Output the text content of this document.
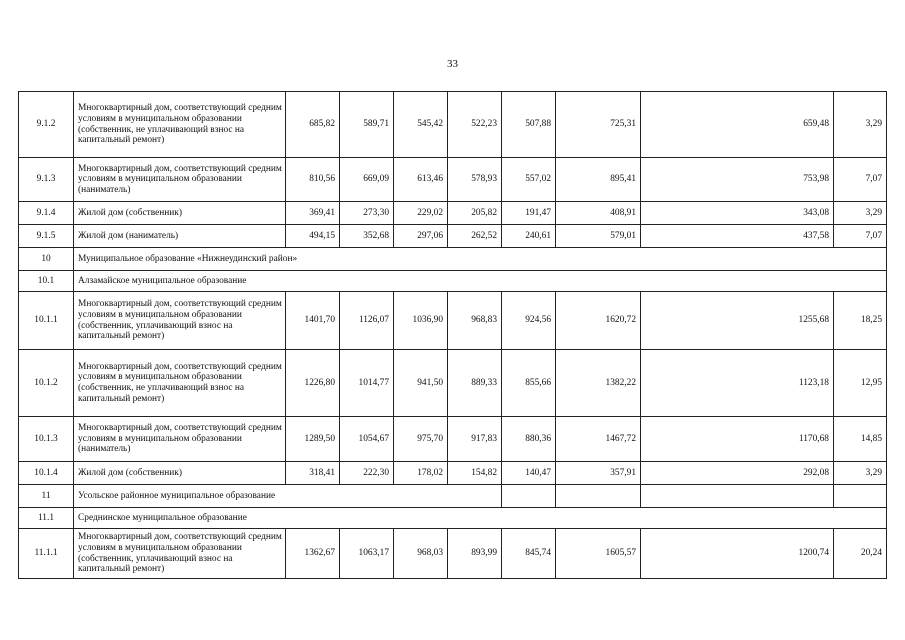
33
9.1.2	Многоквартирный дом, соответствующий средним условиям в муниципальном образовании (собственник, не уплачивающий взнос на капитальный ремонт)	685,82	589,71	545,42	522,23	507,88	725,31	659,48	3,29
9.1.3	Многоквартирный дом, соответствующий средним условиям в муниципальном образовании (наниматель)	810,56	669,09	613,46	578,93	557,02	895,41	753,98	7,07
9.1.4	Жилой дом (собственник)	369,41	273,30	229,02	205,82	191,47	408,91	343,08	3,29
9.1.5	Жилой дом (наниматель)	494,15	352,68	297,06	262,52	240,61	579,01	437,58	7,07
10	Муниципальное образование «Нижнеудинский район»								
10.1	Алзамайское муниципальное образование								
10.1.1	Многоквартирный дом, соответствующий средним условиям в муниципальном образовании (собственник, уплачивающий взнос на капитальный ремонт)	1401,70	1126,07	1036,90	968,83	924,56	1620,72	1255,68	18,25
10.1.2	Многоквартирный дом, соответствующий средним условиям в муниципальном образовании (собственник, не уплачивающий взнос на капитальный ремонт)	1226,80	1014,77	941,50	889,33	855,66	1382,22	1123,18	12,95
10.1.3	Многоквартирный дом, соответствующий средним условиям в муниципальном образовании (наниматель)	1289,50	1054,67	975,70	917,83	880,36	1467,72	1170,68	14,85
10.1.4	Жилой дом (собственник)	318,41	222,30	178,02	154,82	140,47	357,91	292,08	3,29
11	Усольское районное муниципальное образование								
11.1	Среднинское муниципальное образование								
11.1.1	Многоквартирный дом, соответствующий средним условиям в муниципальном образовании (собственник, уплачивающий взнос на капитальный ремонт)	1362,67	1063,17	968,03	893,99	845,74	1605,57	1200,74	20,24
